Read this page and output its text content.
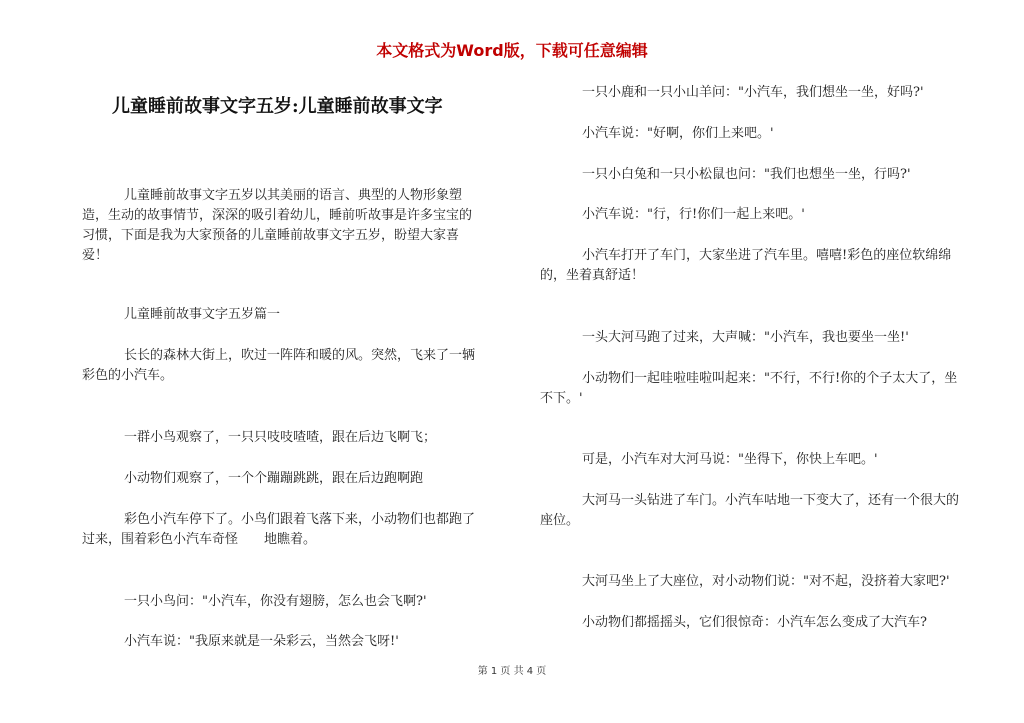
本文格式为Word版，下载可任意编辑
儿童睡前故事文字五岁:儿童睡前故事文字

儿童睡前故事文字五岁以其美丽的语言、典型的人物形象塑造，生动的故事情节，深深的吸引着幼儿，睡前听故事是许多宝宝的习惯，下面是我为大家预备的儿童睡前故事文字五岁，盼望大家喜爱！

儿童睡前故事文字五岁篇一

长长的森林大街上，吹过一阵阵和暖的风。突然，飞来了一辆彩色的小汽车。

一群小鸟观察了，一只只吱吱喳喳，跟在后边飞啊飞；

小动物们观察了，一个个蹦蹦跳跳，跟在后边跑啊跑

彩色小汽车停下了。小鸟们跟着飞落下来，小动物们也都跑了过来，围着彩色小汽车奇怪　　地瞧着。

一只小鸟问："小汽车，你没有翅膀，怎么也会飞啊?'

小汽车说："我原来就是一朵彩云，当然会飞呀!'

一只小鹿和一只小山羊问："小汽车，我们想坐一坐，好吗?'

小汽车说："好啊，你们上来吧。'

一只小白兔和一只小松鼠也问："我们也想坐一坐，行吗?'

小汽车说："行，行!你们一起上来吧。'

小汽车打开了车门，大家坐进了汽车里。嘻嘻!彩色的座位软绵绵的，坐着真舒适！

一头大河马跑了过来，大声喊："小汽车，我也要坐一坐!'

小动物们一起哇啦哇啦叫起来："不行，不行!你的个子太大了，坐不下。'

可是，小汽车对大河马说："坐得下，你快上车吧。'

大河马一头钻进了车门。小汽车咕地一下变大了，还有一个很大的座位。

大河马坐上了大座位，对小动物们说："对不起，没挤着大家吧?'

小动物们都摇摇头，它们很惊奇：小汽车怎么变成了大汽车?

第 1 页 共 4 页
